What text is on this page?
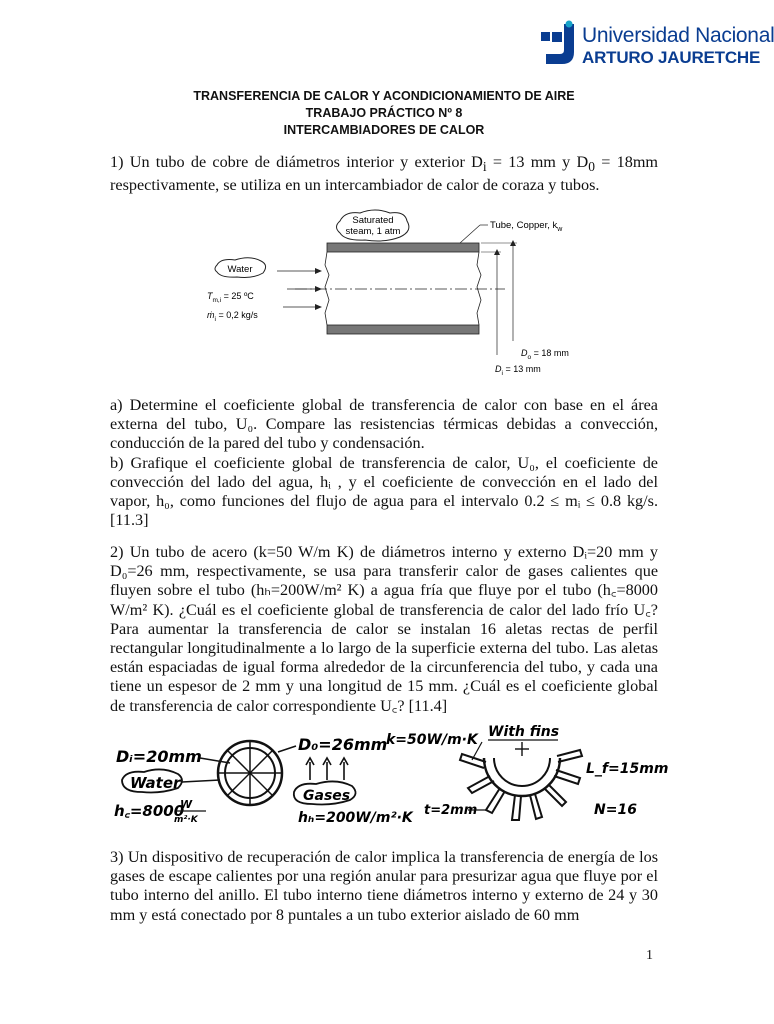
Universidad Nacional
ARTURO JAURETCHE
TRANSFERENCIA DE CALOR Y ACONDICIONAMIENTO DE AIRE
TRABAJO PRÁCTICO Nº 8
INTERCAMBIADORES DE CALOR

1) Un tubo de cobre de diámetros interior y exterior $D_i = 13$ mm y $D_0 = 18mm$ respectivamente, se utiliza en un intercambiador de calor de coraza y tubos.

Saturated
steam, 1 atm
Tube, Copper, $k_w$
Water
$T_{m,i} = 25$ ºC
ṁ$_i$ = 0,2 kg/s
$D_o = 18$ mm
$D_i = 13$ mm

a) Determine el coeficiente global de transferencia de calor con base en el área externa del tubo, U₀. Compare las resistencias térmicas debidas a convección, conducción de la pared del tubo y condensación.

b) Grafique el coeficiente global de transferencia de calor, U₀, el coeficiente de convección del lado del agua, hᵢ , y el coeficiente de convección en el lado del vapor, h₀, como funciones del flujo de agua para el intervalo 0.2 ≤ mᵢ ≤ 0.8 kg/s. [11.3]

2) Un tubo de acero (k=50 W/m K) de diámetros interno y externo Dᵢ=20 mm y D₀=26 mm, respectivamente, se usa para transferir calor de gases calientes que fluyen sobre el tubo (hₕ=200W/m² K) a agua fría que fluye por el tubo (h꜀=8000 W/m² K). ¿Cuál es el coeficiente global de transferencia de calor del lado frío U꜀? Para aumentar la transferencia de calor se instalan 16 aletas rectas de perfil rectangular longitudinalmente a lo largo de la superficie externa del tubo. Las aletas están espaciadas de igual forma alrededor de la circunferencia del tubo, y cada una tiene un espesor de 2 mm y una longitud de 15 mm. ¿Cuál es el coeficiente global de transferencia de calor correspondiente U꜀? [11.4]

Dᵢ=20mm
D₀=26mm
Water
h꜀=8000
W
m²·K
Gases
hₕ=200W/m²·K
k=50W/m·K With fins
L_f=15mm
t=2mm	N=16

3) Un dispositivo de recuperación de calor implica la transferencia de energía de los gases de escape calientes por una región anular para presurizar agua que fluye por el tubo interno del anillo. El tubo interno tiene diámetros interno y externo de 24 y 30 mm y está conectado por 8 puntales a un tubo exterior aislado de 60 mm

1
